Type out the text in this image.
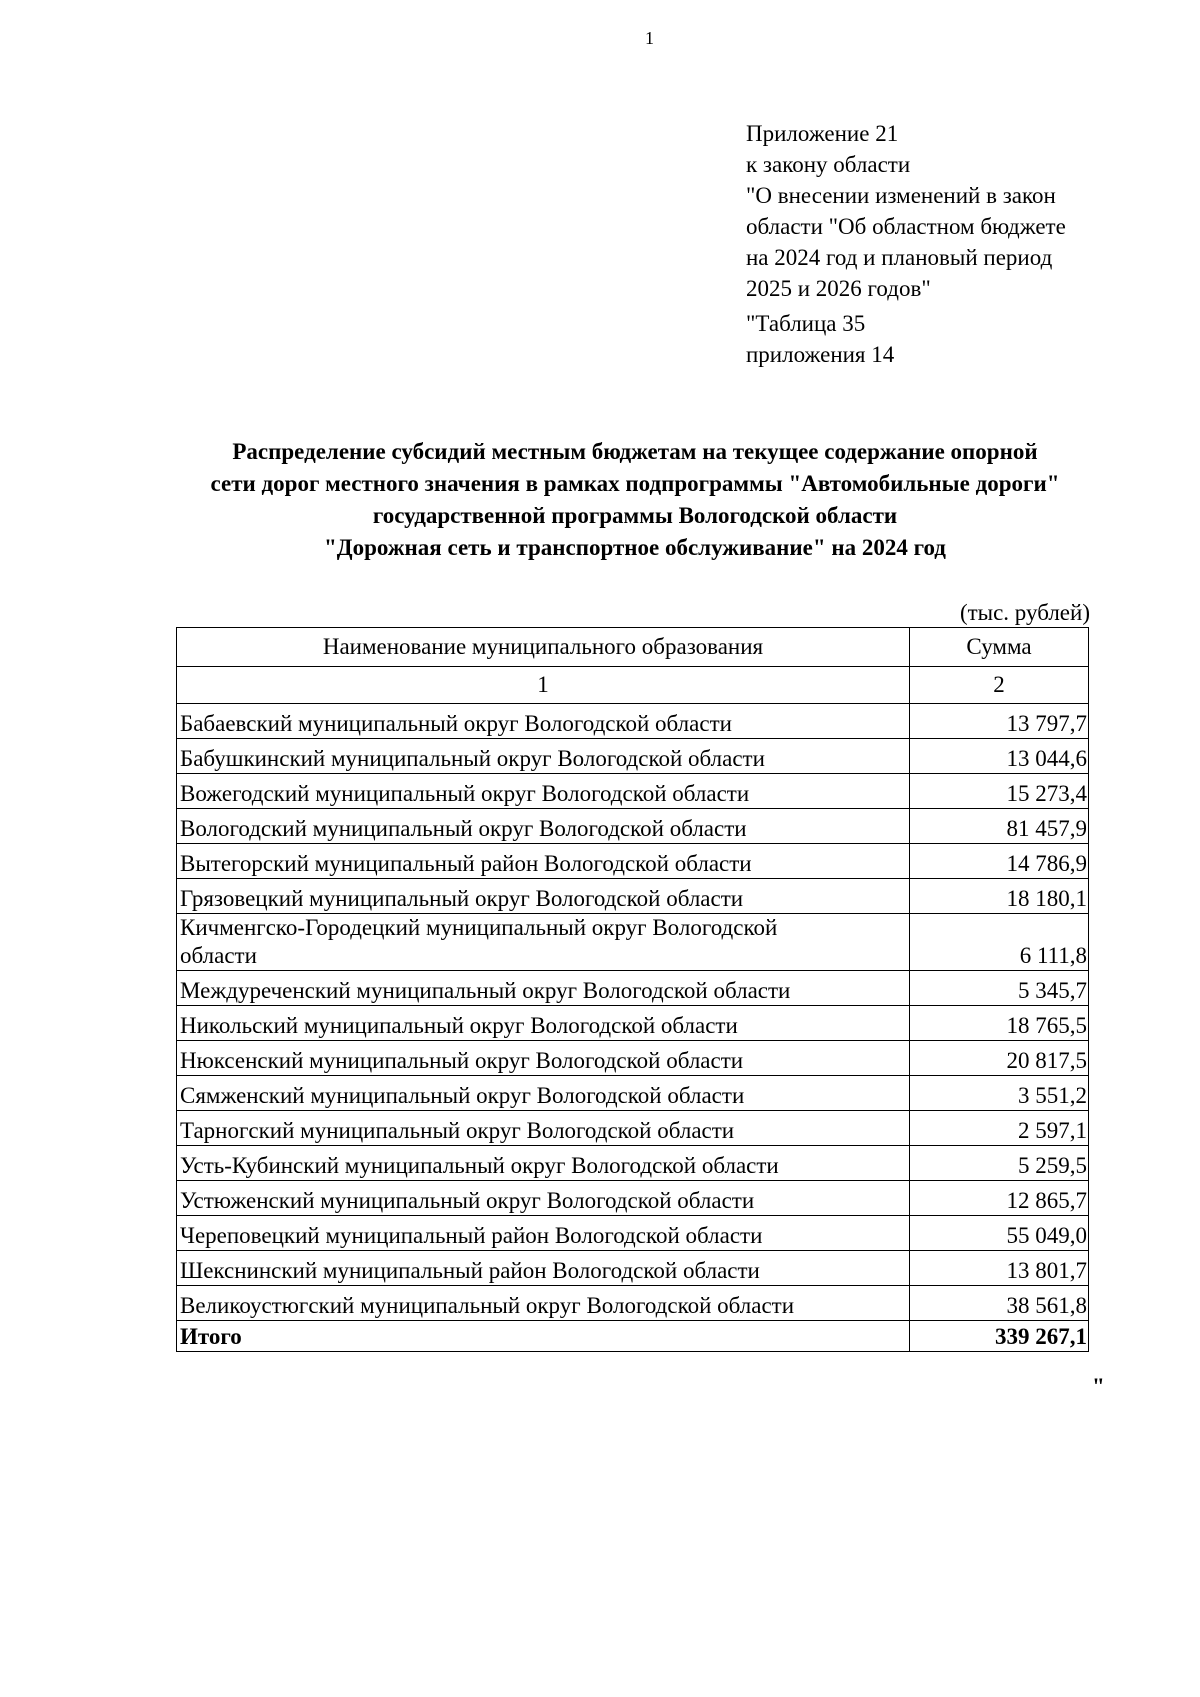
1
Приложение 21
к закону области
"О внесении изменений в закон
области "Об областном бюджете
на 2024 год и плановый период
2025 и 2026 годов"
"Таблица 35
приложения 14
Распределение субсидий местным бюджетам на текущее содержание опорной
сети дорог местного значения в рамках подпрограммы "Автомобильные дороги"
государственной программы Вологодской области
"Дорожная сеть и транспортное обслуживание" на 2024 год
(тыс. рублей)
Наименование муниципального образования	Сумма
1	2
Бабаевский муниципальный округ Вологодской области	13 797,7
Бабушкинский муниципальный округ Вологодской области	13 044,6
Вожегодский муниципальный округ Вологодской области	15 273,4
Вологодский муниципальный округ Вологодской области	81 457,9
Вытегорский муниципальный район Вологодской области	14 786,9
Грязовецкий муниципальный округ Вологодской области	18 180,1

Кичменгско-Городецкий муниципальный округ Вологодской
области	6 111,8
Междуреченский муниципальный округ Вологодской области	5 345,7
Никольский муниципальный округ Вологодской области	18 765,5
Нюксенский муниципальный округ Вологодской области	20 817,5
Сямженский муниципальный округ Вологодской области	3 551,2
Тарногский муниципальный округ Вологодской области	2 597,1
Усть-Кубинский муниципальный округ Вологодской области	5 259,5
Устюженский муниципальный округ Вологодской области	12 865,7
Череповецкий муниципальный район Вологодской области	55 049,0
Шекснинский муниципальный район Вологодской области	13 801,7
Великоустюгский муниципальный округ Вологодской области	38 561,8
Итого	339 267,1
"
